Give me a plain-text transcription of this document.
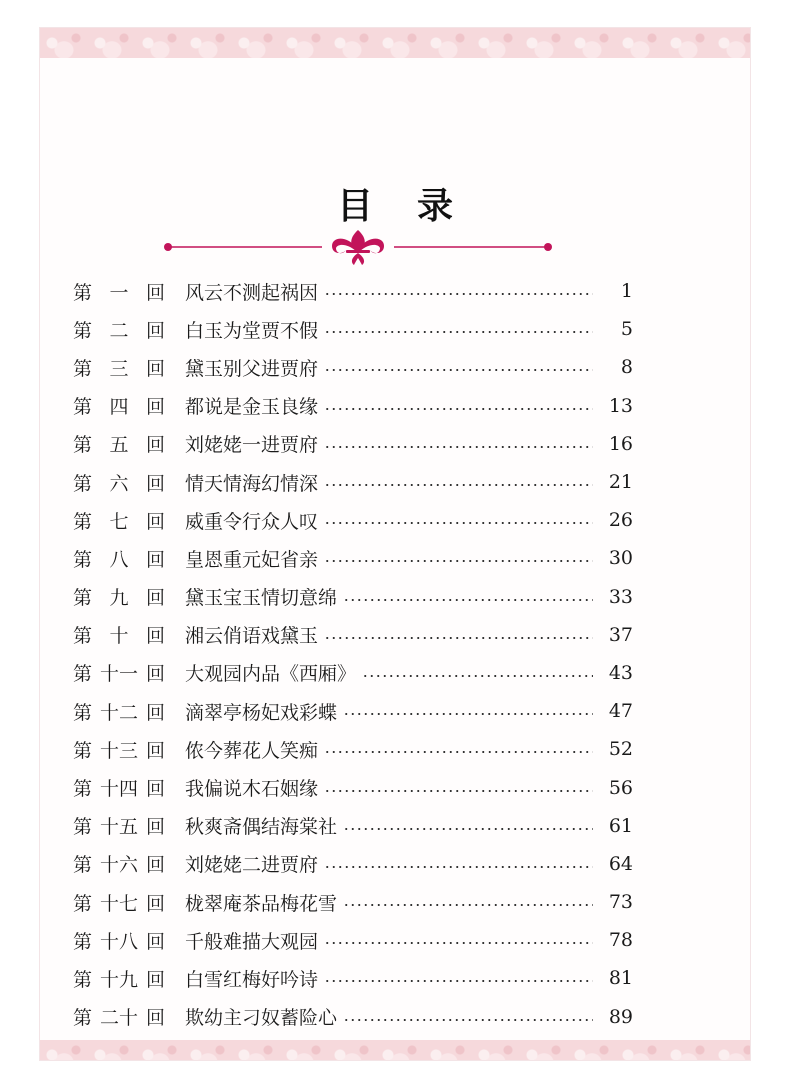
目录
第 一 回 风云不测起祸因	1
第 二 回 白玉为堂贾不假	5
第 三 回 黛玉别父进贾府	8
第 四 回 都说是金玉良缘	13
第 五 回 刘姥姥一进贾府	16
第 六 回 情天情海幻情深	21
第 七 回 威重令行众人叹	26
第 八 回 皇恩重元妃省亲	30
第 九 回 黛玉宝玉情切意绵	33
第 十 回 湘云俏语戏黛玉	37
第 十一 回 大观园内品《西厢》	43
第 十二 回 滴翠亭杨妃戏彩蝶	47
第 十三 回 侬今葬花人笑痴	52
第 十四 回 我偏说木石姻缘	56
第 十五 回 秋爽斋偶结海棠社	61
第 十六 回 刘姥姥二进贾府	64
第 十七 回 栊翠庵茶品梅花雪	73
第 十八 回 千般难描大观园	78
第 十九 回 白雪红梅好吟诗	81
第 二十 回 欺幼主刁奴蓄险心	89
